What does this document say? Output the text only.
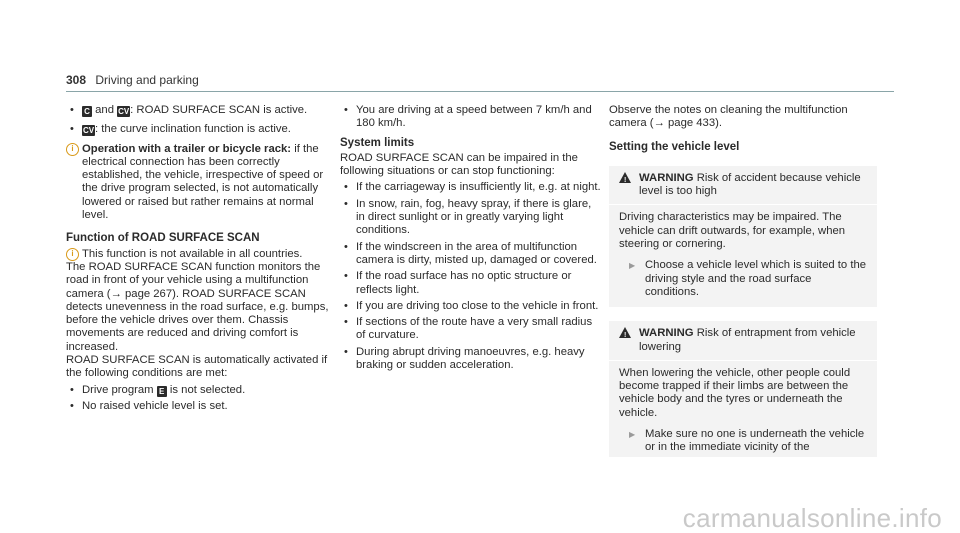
308 Driving and parking
• C and CV: ROAD SURFACE SCAN is active.
• CV: the curve inclination function is active.
i Operation with a trailer or bicycle rack: if the electrical connection has been correctly established, the vehicle, irrespective of speed or the drive program selected, is not automatically lowered or raised but rather remains at normal level.
Function of ROAD SURFACE SCAN
i This function is not available in all countries.

The ROAD SURFACE SCAN function monitors the road in front of your vehicle using a multifunction camera (→ page 267). ROAD SURFACE SCAN detects unevenness in the road surface, e.g. bumps, before the vehicle drives over them. Chassis movements are reduced and driving comfort is increased.

ROAD SURFACE SCAN is automatically activated if the following conditions are met:

• Drive program E is not selected.
• No raised vehicle level is set.
• You are driving at a speed between 7 km/h and 180 km/h.
System limits

ROAD SURFACE SCAN can be impaired in the following situations or can stop functioning:

• If the carriageway is insufficiently lit, e.g. at night.
• In snow, rain, fog, heavy spray, if there is glare, in direct sunlight or in greatly varying light conditions.
• If the windscreen in the area of multifunction camera is dirty, misted up, damaged or covered.
• If the road surface has no optic structure or reflects light.
• If you are driving too close to the vehicle in front.
• If sections of the route have a very small radius of curvature.
• During abrupt driving manoeuvres, e.g. heavy braking or sudden acceleration.

Observe the notes on cleaning the multifunction camera (→ page 433).

Setting the vehicle level
! WARNING Risk of accident because vehicle level is too high

Driving characteristics may be impaired. The vehicle can drift outwards, for example, when steering or cornering.

▶ Choose a vehicle level which is suited to the driving style and the road surface conditions.
! WARNING Risk of entrapment from vehicle lowering

When lowering the vehicle, other people could become trapped if their limbs are between the vehicle body and the tyres or underneath the vehicle.

▶ Make sure no one is underneath the vehicle or in the immediate vicinity of the
carmanualsonline.info
